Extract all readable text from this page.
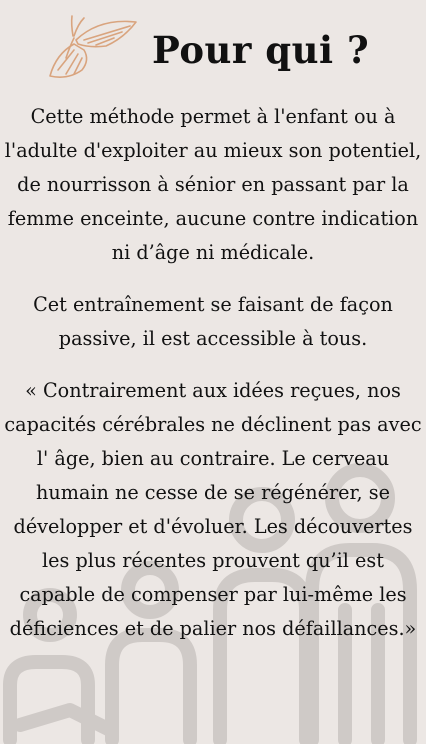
Pour qui ?

Cette méthode permet à l'enfant ou à l'adulte d'exploiter au mieux son potentiel, de nourrisson à sénior en passant par la femme enceinte, aucune contre indication ni d’âge ni médicale.

Cet entraînement se faisant de façon passive, il est accessible à tous.

« Contrairement aux idées reçues, nos capacités cérébrales ne déclinent pas avec l' âge, bien au contraire. Le cerveau humain ne cesse de se régénérer, se développer et d'évoluer. Les découvertes les plus récentes prouvent qu’il est capable de compenser par lui-même les déficiences et de palier nos défaillances.»
